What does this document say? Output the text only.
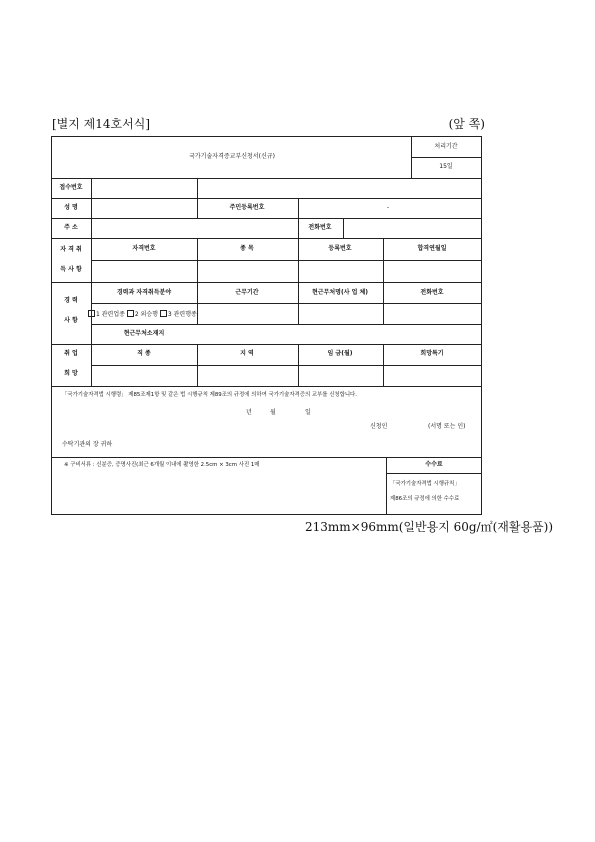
[별지 제14호서식]	(앞 쪽)
국가기술자격증교부신청서(신규)
처리기간
15일
접수번호
성 명	주민등록번호	-
주 소	전화번호
자 격 취
득 사 항
자격번호	종 목	등록번호	합격연월일
경 력
사 항
경력과 자격취득분야	근무기간	현근무처명(사 업 체)	전화번호
1 관련업종 2 외승행 3 관련행종
현근무처소재지
취 업
희 망
직 종	지 역	임 금(월)	희망특기
「국가기술자격법 시행령」 제85조제1항 및 같은 법 시행규칙 제89조의 규정에 의하여 국가기술자격증의 교부를 신청합니다.
년	월	일
신청인	(서명 또는 인)
수탁기관의 장 귀하
※ 구비서류 : 신분증, 증명사진(최근 6개월 이내에 촬영한 2.5cm × 3cm 사진 1매	수수료
「국가기술자격법 시행규칙」
제86조의 규정에 의한 수수료
213mm×96mm(일반용지 60g/㎡(재활용품))
